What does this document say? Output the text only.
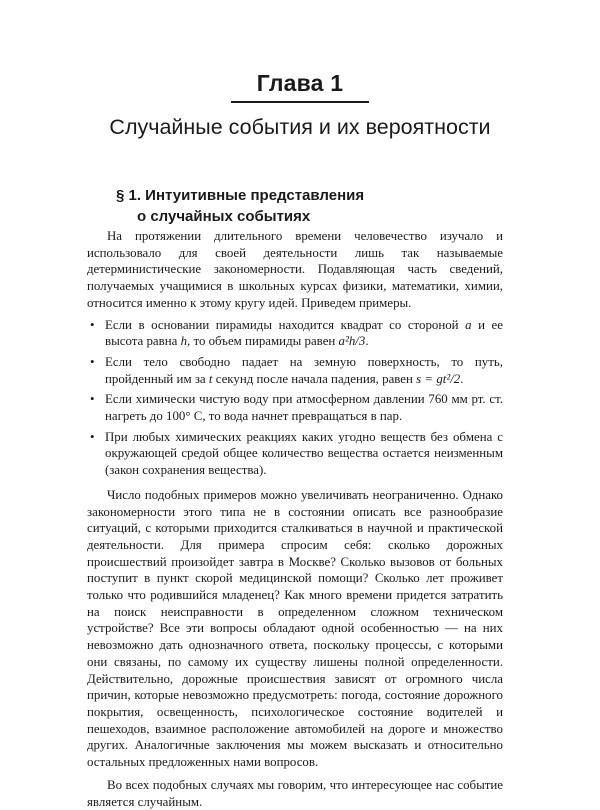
Глава 1
Случайные события и их вероятности
§ 1. Интуитивные представления
о случайных событиях

На протяжении длительного времени человечество изучало и использовало для своей деятельности лишь так называемые детерминистические закономерности. Подавляющая часть сведений, получаемых учащимися в школьных курсах физики, математики, химии, относится именно к этому кругу идей. Приведем примеры.

• Если в основании пирамиды находится квадрат со стороной a и ее высота равна h, то объем пирамиды равен a²h/3.
• Если тело свободно падает на земную поверхность, то путь, пройденный им за t секунд после начала падения, равен s = gt²/2.
• Если химически чистую воду при атмосферном давлении 760 мм рт. ст. нагреть до 100° С, то вода начнет превращаться в пар.
• При любых химических реакциях каких угодно веществ без обмена с окружающей средой общее количество вещества остается неизменным (закон сохранения вещества).

Число подобных примеров можно увеличивать неограниченно. Однако закономерности этого типа не в состоянии описать все разнообразие ситуаций, с которыми приходится сталкиваться в научной и практической деятельности. Для примера спросим себя: сколько дорожных происшествий произойдет завтра в Москве? Сколько вызовов от больных поступит в пункт скорой медицинской помощи? Сколько лет проживет только что родившийся младенец? Как много времени придется затратить на поиск неисправности в определенном сложном техническом устройстве? Все эти вопросы обладают одной особенностью — на них невозможно дать однозначного ответа, поскольку процессы, с которыми они связаны, по самому их существу лишены полной определенности. Действительно, дорожные происшествия зависят от огромного числа причин, которые невозможно предусмотреть: погода, состояние дорожного покрытия, освещенность, психологическое состояние водителей и пешеходов, взаимное расположение автомобилей на дороге и множество других. Аналогичные заключения мы можем высказать и относительно остальных предложенных нами вопросов.

Во всех подобных случаях мы говорим, что интересующее нас событие является случайным.
